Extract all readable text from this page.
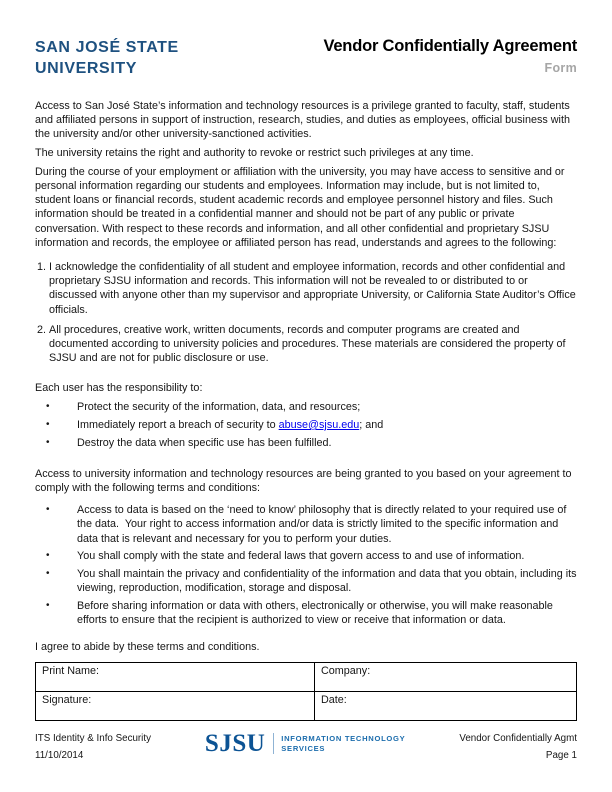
SAN JOSÉ STATE
UNIVERSITY
Vendor Confidentially Agreement
Form

Access to San José State’s information and technology resources is a privilege granted to faculty, staff, students and affiliated persons in support of instruction, research, studies, and duties as employees, official business with the university and/or other university-sanctioned activities.

The university retains the right and authority to revoke or restrict such privileges at any time.

During the course of your employment or affiliation with the university, you may have access to sensitive and or personal information regarding our students and employees. Information may include, but is not limited to, student loans or financial records, student academic records and employee personnel history and files. Such information should be treated in a confidential manner and should not be part of any public or private conversation. With respect to these records and information, and all other confidential and proprietary SJSU information and records, the employee or affiliated person has read, understands and agrees to the following:

1. I acknowledge the confidentiality of all student and employee information, records and other confidential and proprietary SJSU information and records. This information will not be revealed to or distributed to or discussed with anyone other than my supervisor and appropriate University, or California State Auditor’s Office officials.
2. All procedures, creative work, written documents, records and computer programs are created and documented according to university policies and procedures. These materials are considered the property of SJSU and are not for public disclosure or use.

Each user has the responsibility to:

•	Protect the security of the information, data, and resources;
•	Immediately report a breach of security to abuse@sjsu.edu; and
•	Destroy the data when specific use has been fulfilled.

Access to university information and technology resources are being granted to you based on your agreement to comply with the following terms and conditions:

•	Access to data is based on the ‘need to know’ philosophy that is directly related to your required use of the data.  Your right to access information and/or data is strictly limited to the specific information and data that is relevant and necessary for you to perform your duties.
•	You shall comply with the state and federal laws that govern access to and use of information.
•	You shall maintain the privacy and confidentiality of the information and data that you obtain, including its viewing, reproduction, modification, storage and disposal.
•	Before sharing information or data with others, electronically or otherwise, you will make reasonable efforts to ensure that the recipient is authorized to view or receive that information or data.

I agree to abide by these terms and conditions.

Print Name:	Company:
Signature:	Date:
ITS Identity & Info Security
11/10/2014	SJSU INFORMATION TECHNOLOGY
SERVICES
Vendor Confidentially Agmt
Page 1
